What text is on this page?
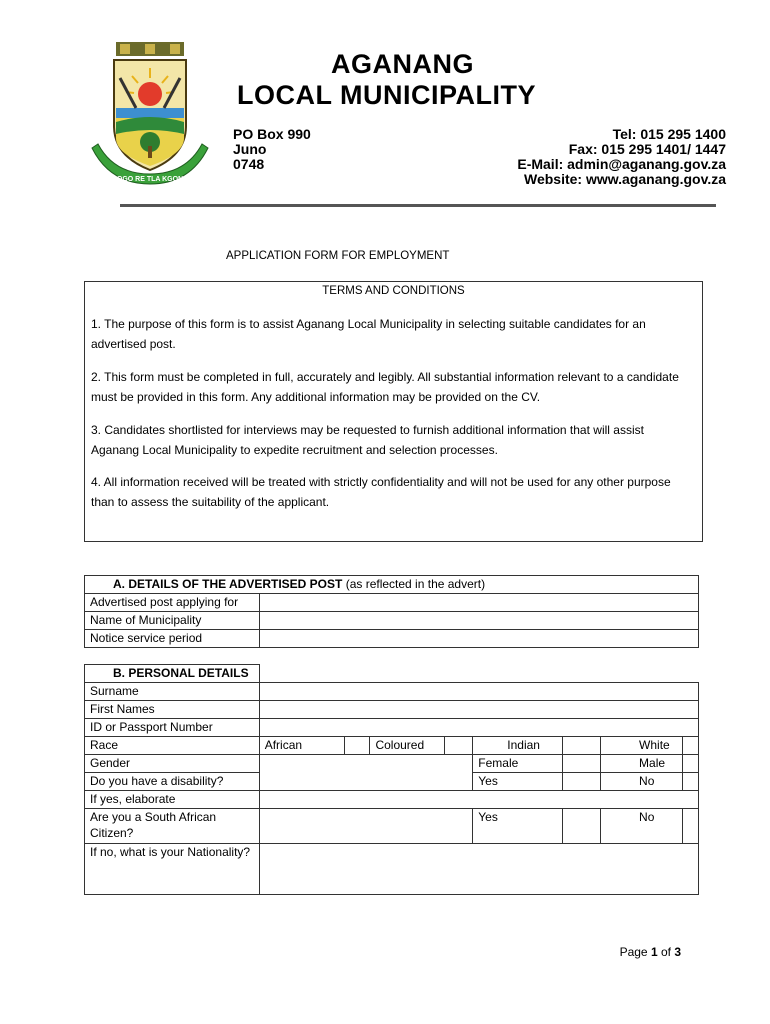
BOGO RE TLA KGONA
AGANANG
LOCAL MUNICIPALITY
PO Box 990
Juno
0748
Tel: 015 295 1400
Fax: 015 295 1401/ 1447
E-Mail: admin@aganang.gov.za
Website: www.aganang.gov.za
APPLICATION FORM FOR EMPLOYMENT
TERMS AND CONDITIONS
1. The purpose of this form is to assist Aganang Local Municipality in selecting suitable candidates for an advertised post.
2. This form must be completed in full, accurately and legibly. All substantial information relevant to a candidate must be provided in this form. Any additional information may be provided on the CV.
3. Candidates shortlisted for interviews may be requested to furnish additional information that will assist Aganang Local Municipality to expedite recruitment and selection processes.
4. All information received will be treated with strictly confidentiality and will not be used for any other purpose than to assess the suitability of the applicant.
A. DETAILS OF THE ADVERTISED POST (as reflected in the advert)	
Advertised post applying for	
Name of Municipality	
Notice service period	
B. PERSONAL DETAILS								
Surname								
First Names								
ID or Passport Number								
Race	African		Coloured		Indian		White	
Gender					Female		Male	
Do you have a disability?					Yes		No	
If yes, elaborate								
Are you a South African Citizen?					Yes		No	
If no, what is your Nationality?								
Page 1 of 3
